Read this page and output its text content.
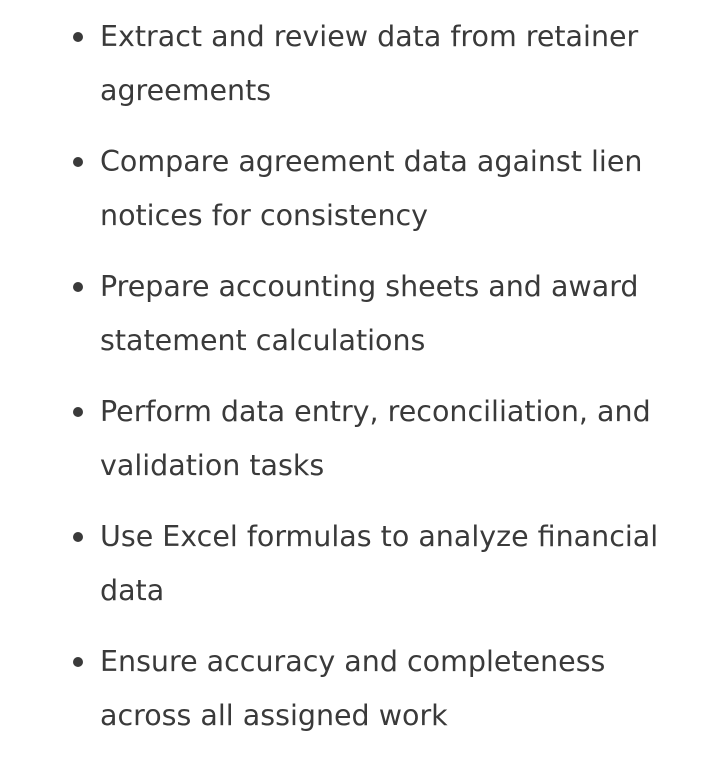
Extract and review data from retainer agreements
Compare agreement data against lien notices for consistency
Prepare accounting sheets and award statement calculations
Perform data entry, reconciliation, and validation tasks
Use Excel formulas to analyze financial data
Ensure accuracy and completeness across all assigned work
